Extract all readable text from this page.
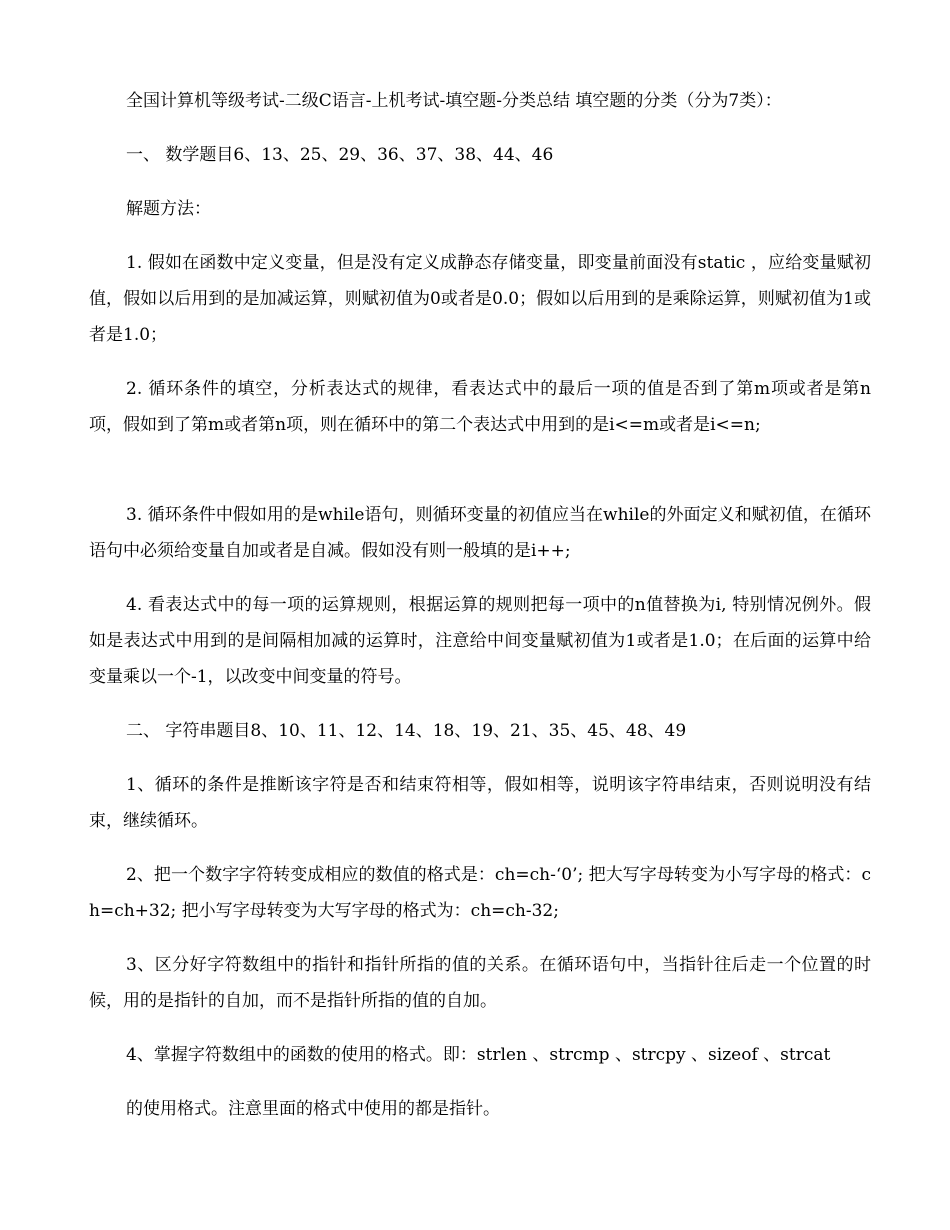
全国计算机等级考试-二级C语言-上机考试-填空题-分类总结 填空题的分类（分为7类）：

一、 数学题目6、13、25、29、36、37、38、44、46

解题方法：

1. 假如在函数中定义变量，但是没有定义成静态存储变量，即变量前面没有static ，应给变量赋初值，假如以后用到的是加减运算，则赋初值为0或者是0.0；假如以后用到的是乘除运算，则赋初值为1或者是1.0；

2. 循环条件的填空，分析表达式的规律，看表达式中的最后一项的值是否到了第m项或者是第n项，假如到了第m或者第n项，则在循环中的第二个表达式中用到的是i<=m或者是i<=n;

3. 循环条件中假如用的是while语句，则循环变量的初值应当在while的外面定义和赋初值，在循环语句中必须给变量自加或者是自减。假如没有则一般填的是i++;

4. 看表达式中的每一项的运算规则，根据运算的规则把每一项中的n值替换为i, 特别情况例外。假如是表达式中用到的是间隔相加减的运算时，注意给中间变量赋初值为1或者是1.0；在后面的运算中给变量乘以一个-1，以改变中间变量的符号。

二、 字符串题目8、10、11、12、14、18、19、21、35、45、48、49

1、循环的条件是推断该字符是否和结束符相等，假如相等，说明该字符串结束，否则说明没有结束，继续循环。

2、把一个数字字符转变成相应的数值的格式是：ch=ch-‘0’; 把大写字母转变为小写字母的格式：ch=ch+32; 把小写字母转变为大写字母的格式为：ch=ch-32;

3、区分好字符数组中的指针和指针所指的值的关系。在循环语句中，当指针往后走一个位置的时候，用的是指针的自加，而不是指针所指的值的自加。

4、掌握字符数组中的函数的使用的格式。即：strlen 、strcmp 、strcpy 、sizeof 、strcat

的使用格式。注意里面的格式中使用的都是指针。
